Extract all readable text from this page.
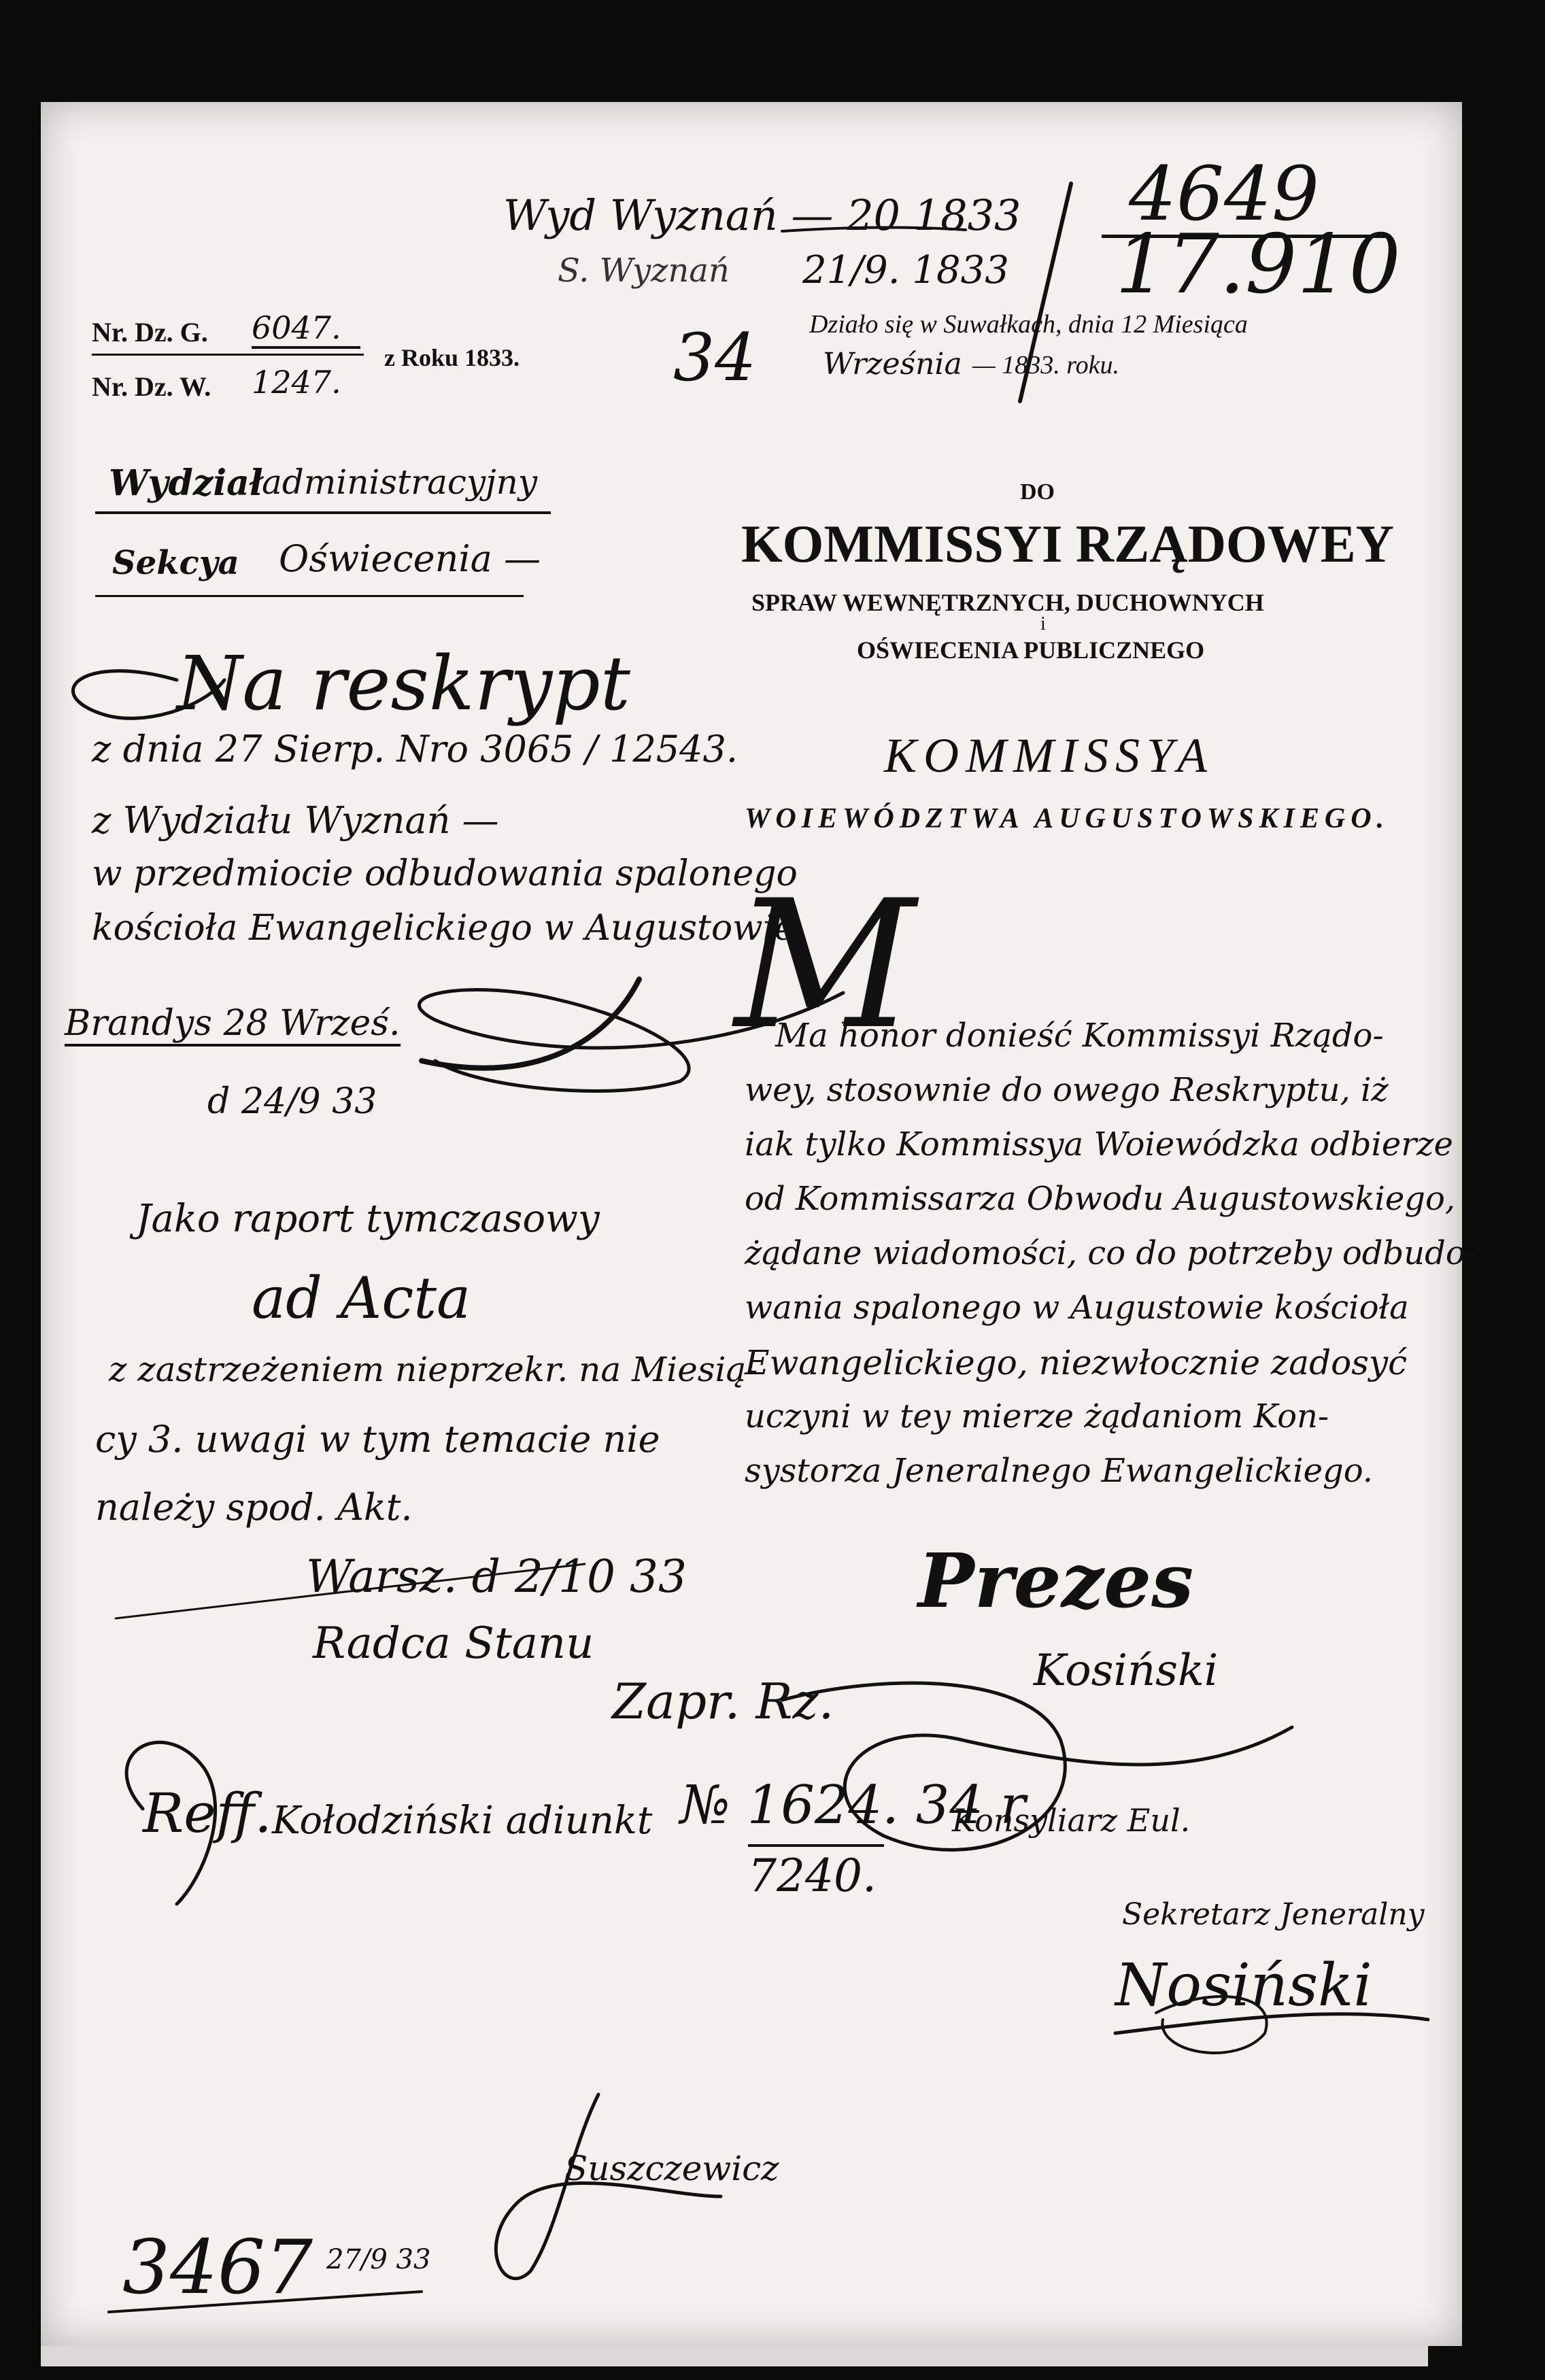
Wyd Wyznań — 20 1833
S. Wyznań 21/9. 1833
4649
17.910
Nr. Dz. G. 6047.
Nr. Dz. W. 1247.
z Roku 1833. 34 Działo się w Suwałkach, dnia 12 Miesiąca
Września — 1833. roku.
Wydział
administracyjny
Sekcya Oświecenia —
Na reskrypt
z dnia 27 Sierp. Nro 3065 / 12543.
z Wydziału Wyznań —
w przedmiocie odbudowania spalonego
kościoła Ewangelickiego w Augustowie
Brandys 28 Wrześ.
d 24/9 33
Jako raport tymczasowy
ad Acta
z zastrzeżeniem nieprzekr. na Miesią-
cy 3. uwagi w tym temacie nie
należy spod. Akt.
Warsz. d 2/10 33
Radca Stanu
Zapr. Rz.
Reff. Kołodziński adiunkt № 1624. 34 r
7240.
3467 27/9 33
DO
KOMMISSYI RZĄDOWEY
SPRAW WEWNĘTRZNYCH, DUCHOWNYCH
i
OŚWIECENIA PUBLICZNEGO
KOMMISSYA
WOIEWÓDZTWA AUGUSTOWSKIEGO.
M
Ma honor donieść Kommissyi Rządo-
wey, stosownie do owego Reskryptu, iż
iak tylko Kommissya Woiewódzka odbierze
od Kommissarza Obwodu Augustowskiego,
żądane wiadomości, co do potrzeby odbudo-
wania spalonego w Augustowie kościoła
Ewangelickiego, niezwłocznie zadosyć
uczyni w tey mierze żądaniom Kon-
systorza Jeneralnego Ewangelickiego.
Prezes
Kosiński
Konsyliarz Eul.
Sekretarz Jeneralny
Nosiński
Suszczewicz
